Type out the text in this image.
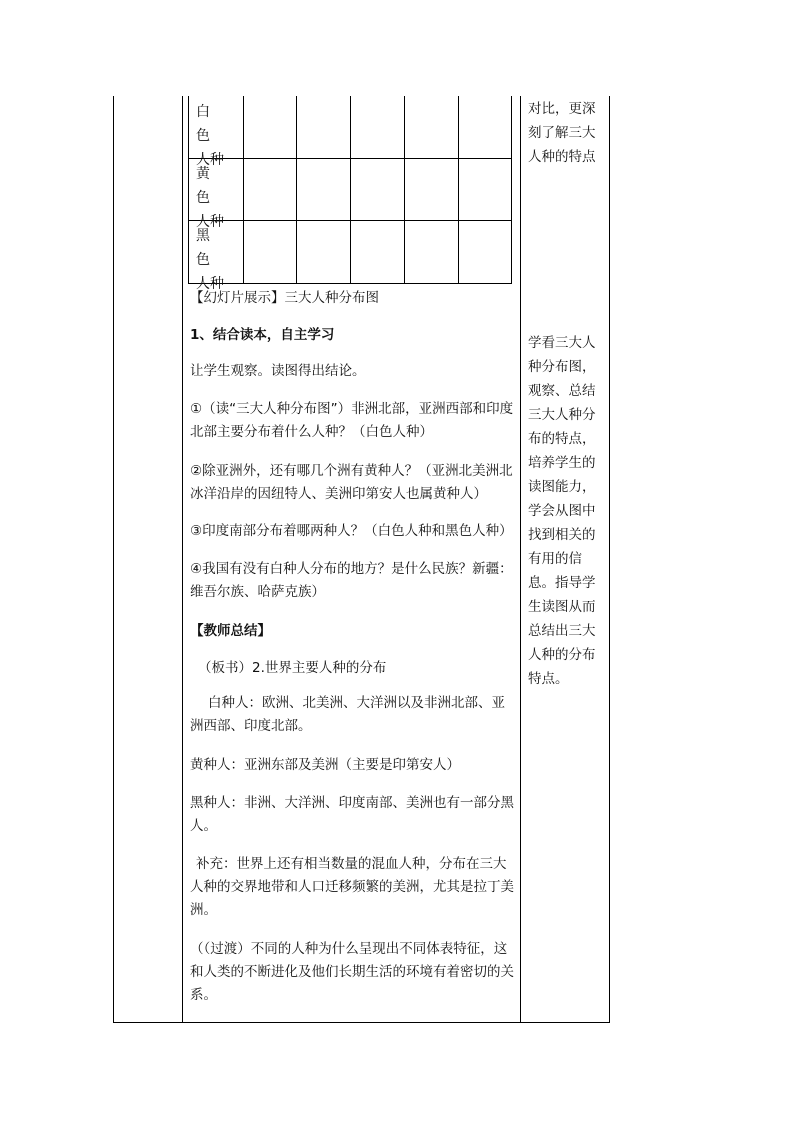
白色
人种
黄色
人种
黑色
人种
【幻灯片展示】三大人种分布图
1、结合读本，自主学习
让学生观察。读图得出结论。
①（读“三大人种分布图”）非洲北部，亚洲西部和印度北部主要分布着什么人种？（白色人种）
②除亚洲外，还有哪几个洲有黄种人？（亚洲北美洲北冰洋沿岸的因纽特人、美洲印第安人也属黄种人）
③印度南部分布着哪两种人？（白色人种和黑色人种）
④我国有没有白种人分布的地方？是什么民族？新疆：维吾尔族、哈萨克族）
【教师总结】
（板书）2.世界主要人种的分布
白种人：欧洲、北美洲、大洋洲以及非洲北部、亚洲西部、印度北部。
黄种人：亚洲东部及美洲（主要是印第安人）
黑种人：非洲、大洋洲、印度南部、美洲也有一部分黑人。
补充：世界上还有相当数量的混血人种，分布在三大人种的交界地带和人口迁移频繁的美洲，尤其是拉丁美洲。
（（过渡）不同的人种为什么呈现出不同体表特征，这和人类的不断进化及他们长期生活的环境有着密切的关系。
对比，更深刻了解三大人种的特点
学看三大人种分布图，观察、总结三大人种分布的特点，培养学生的读图能力，学会从图中找到相关的有用的信息。指导学生读图从而总结出三大人种的分布特点。
